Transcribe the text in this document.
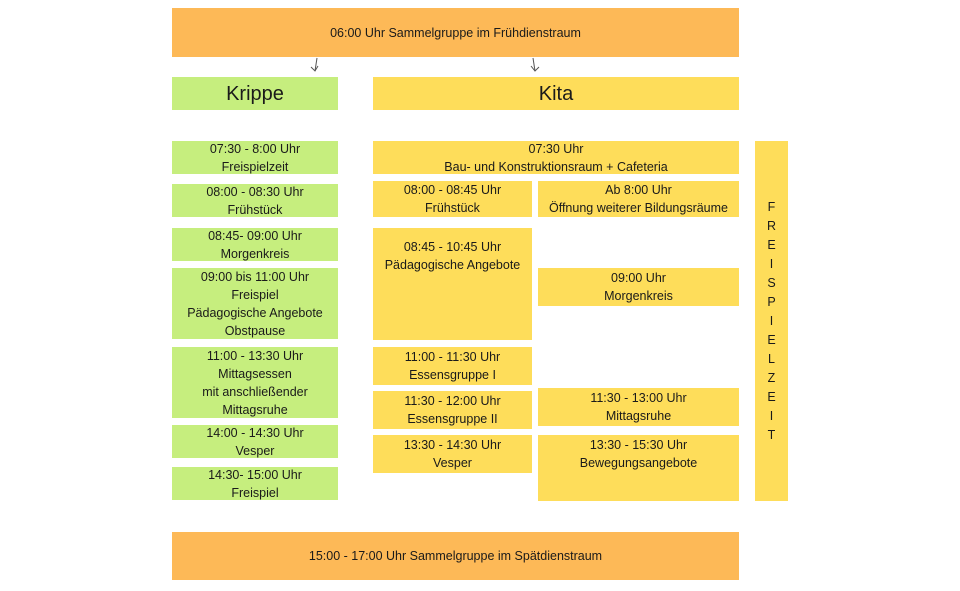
06:00 Uhr Sammelgruppe im Frühdienstraum
Krippe	Kita
07:30 - 8:00 Uhr
Freispielzeit
08:00 - 08:30 Uhr
Frühstück
08:45- 09:00 Uhr
Morgenkreis
09:00 bis 11:00 Uhr
Freispiel
Pädagogische Angebote
Obstpause
11:00 - 13:30 Uhr
Mittagsessen
mit anschließender
Mittagsruhe
14:00 - 14:30 Uhr
Vesper
14:30- 15:00 Uhr
Freispiel
07:30 Uhr
Bau- und Konstruktionsraum + Cafeteria
08:00 - 08:45 Uhr
Frühstück
08:45 - 10:45 Uhr
Pädagogische Angebote
11:00 - 11:30 Uhr
Essensgruppe I
11:30 - 12:00 Uhr
Essensgruppe II
13:30 - 14:30 Uhr
Vesper
Ab 8:00 Uhr
Öffnung weiterer Bildungsräume
09:00 Uhr
Morgenkreis
11:30 - 13:00 Uhr
Mittagsruhe
13:30 - 15:30 Uhr
Bewegungsangebote
F
R
E
I
S
P
I
E
L
Z
E
I
T
15:00 - 17:00 Uhr Sammelgruppe im Spätdienstraum
